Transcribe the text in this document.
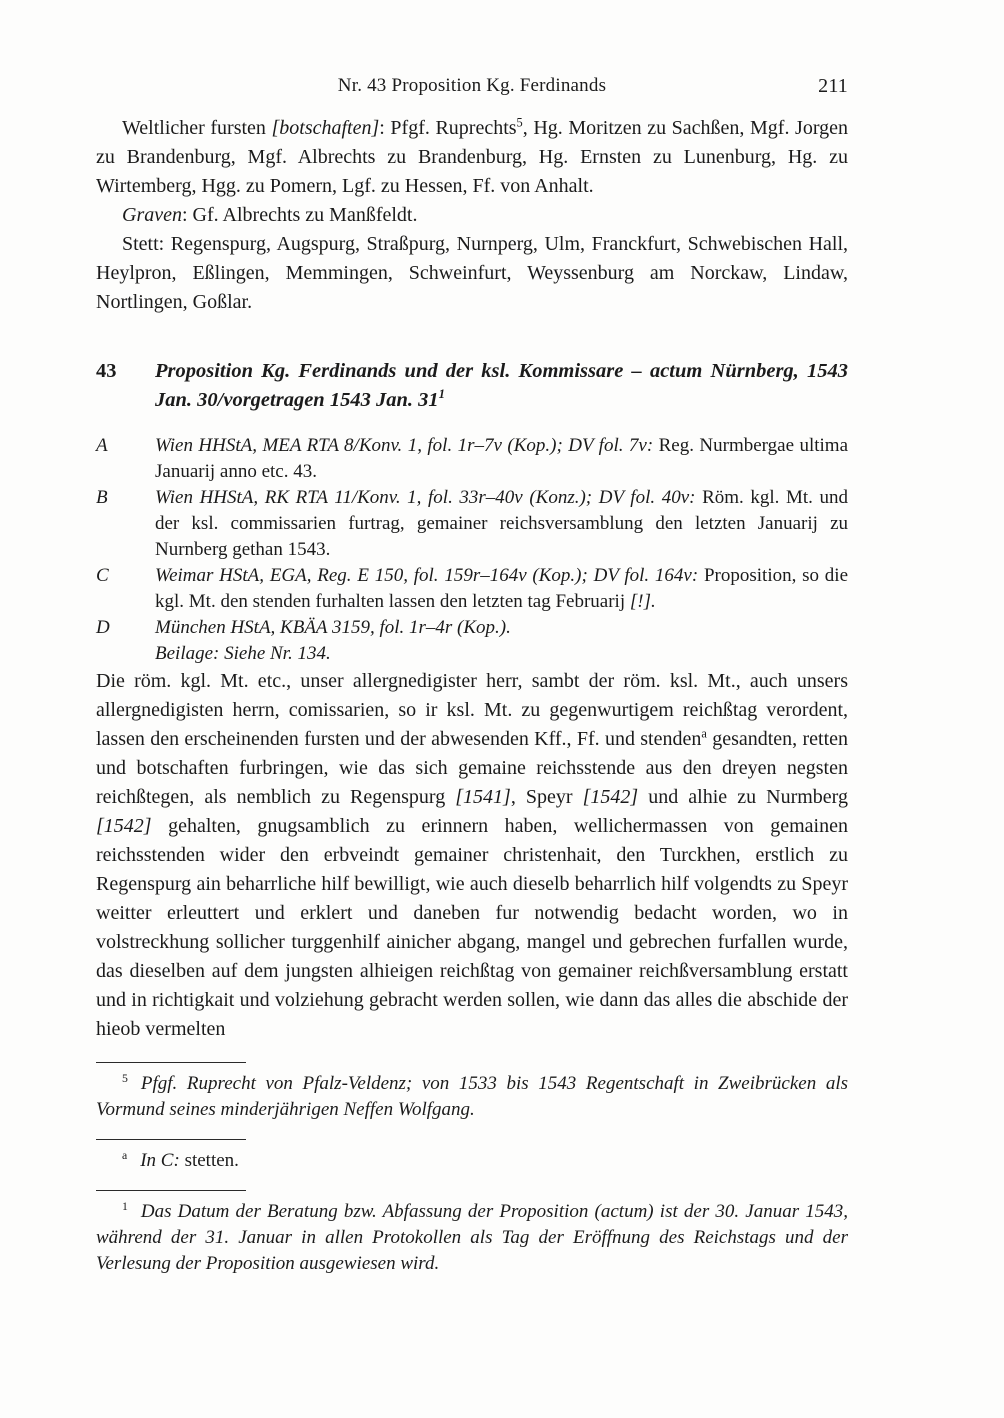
Nr. 43 Proposition Kg. Ferdinands	211

Weltlicher fursten [botschaften]: Pfgf. Ruprechts$^5$, Hg. Moritzen zu Sachßen, Mgf. Jorgen zu Brandenburg, Mgf. Albrechts zu Brandenburg, Hg. Ernsten zu Lunenburg, Hg. zu Wirtemberg, Hgg. zu Pomern, Lgf. zu Hessen, Ff. von Anhalt.

Graven: Gf. Albrechts zu Manßfeldt.

Stett: Regenspurg, Augspurg, Straßpurg, Nurnperg, Ulm, Franckfurt, Schwebischen Hall, Heylpron, Eßlingen, Memmingen, Schweinfurt, Weyssenburg am Norckaw, Lindaw, Nortlingen, Goßlar.

43	Proposition Kg. Ferdinands und der ksl. Kommissare – actum Nürnberg, 1543 Jan. 30/vorgetragen 1543 Jan. $31^1$
A	Wien HHStA, MEA RTA 8/Konv. 1, fol. 1r–7v (Kop.); DV fol. 7v: Reg. Nurmbergae ultima Januarij anno etc. 43.
B	Wien HHStA, RK RTA 11/Konv. 1, fol. 33r–40v (Konz.); DV fol. 40v: Röm. kgl. Mt. und der ksl. commissarien furtrag, gemainer reichsversamblung den letzten Januarij zu Nurnberg gethan 1543.
C	Weimar HStA, EGA, Reg. E 150, fol. 159r–164v (Kop.); DV fol. 164v: Proposition, so die kgl. Mt. den stenden furhalten lassen den letzten tag Februarij [!].
D	München HStA, KBÄA 3159, fol. 1r–4r (Kop.).
Beilage: Siehe Nr. 134.

Die röm. kgl. Mt. etc., unser allergnedigister herr, sambt der röm. ksl. Mt., auch unsers allergnedigisten herrn, comissarien, so ir ksl. Mt. zu gegenwurtigem reichßtag verordent, lassen den erscheinenden fursten und der abwesenden Kff., Ff. und stenden$^a$ gesandten, retten und botschaften furbringen, wie das sich gemaine reichsstende aus den dreyen negsten reichßtegen, als nemblich zu Regenspurg [1541], Speyr [1542] und alhie zu Nurmberg [1542] gehalten, gnugsamblich zu erinnern haben, wellichermassen von gemainen reichsstenden wider den erbveindt gemainer christenhait, den Turckhen, erstlich zu Regenspurg ain beharrliche hilf bewilligt, wie auch dieselb beharrlich hilf volgendts zu Speyr weitter erleuttert und erklert und daneben fur notwendig bedacht worden, wo in volstreckhung sollicher turggenhilf ainicher abgang, mangel und gebrechen furfallen wurde, das dieselben auf dem jungsten alhieigen reichßtag von gemainer reichßversamblung erstatt und in richtigkait und volziehung gebracht werden sollen, wie dann das alles die abschide der hieob vermelten

$^5$ Pfgf. Ruprecht von Pfalz-Veldenz; von 1533 bis 1543 Regentschaft in Zweibrücken als Vormund seines minderjährigen Neffen Wolfgang.

$^a$ In C: stetten.

$^1$ Das Datum der Beratung bzw. Abfassung der Proposition (actum) ist der 30. Januar 1543, während der 31. Januar in allen Protokollen als Tag der Eröffnung des Reichstags und der Verlesung der Proposition ausgewiesen wird.
